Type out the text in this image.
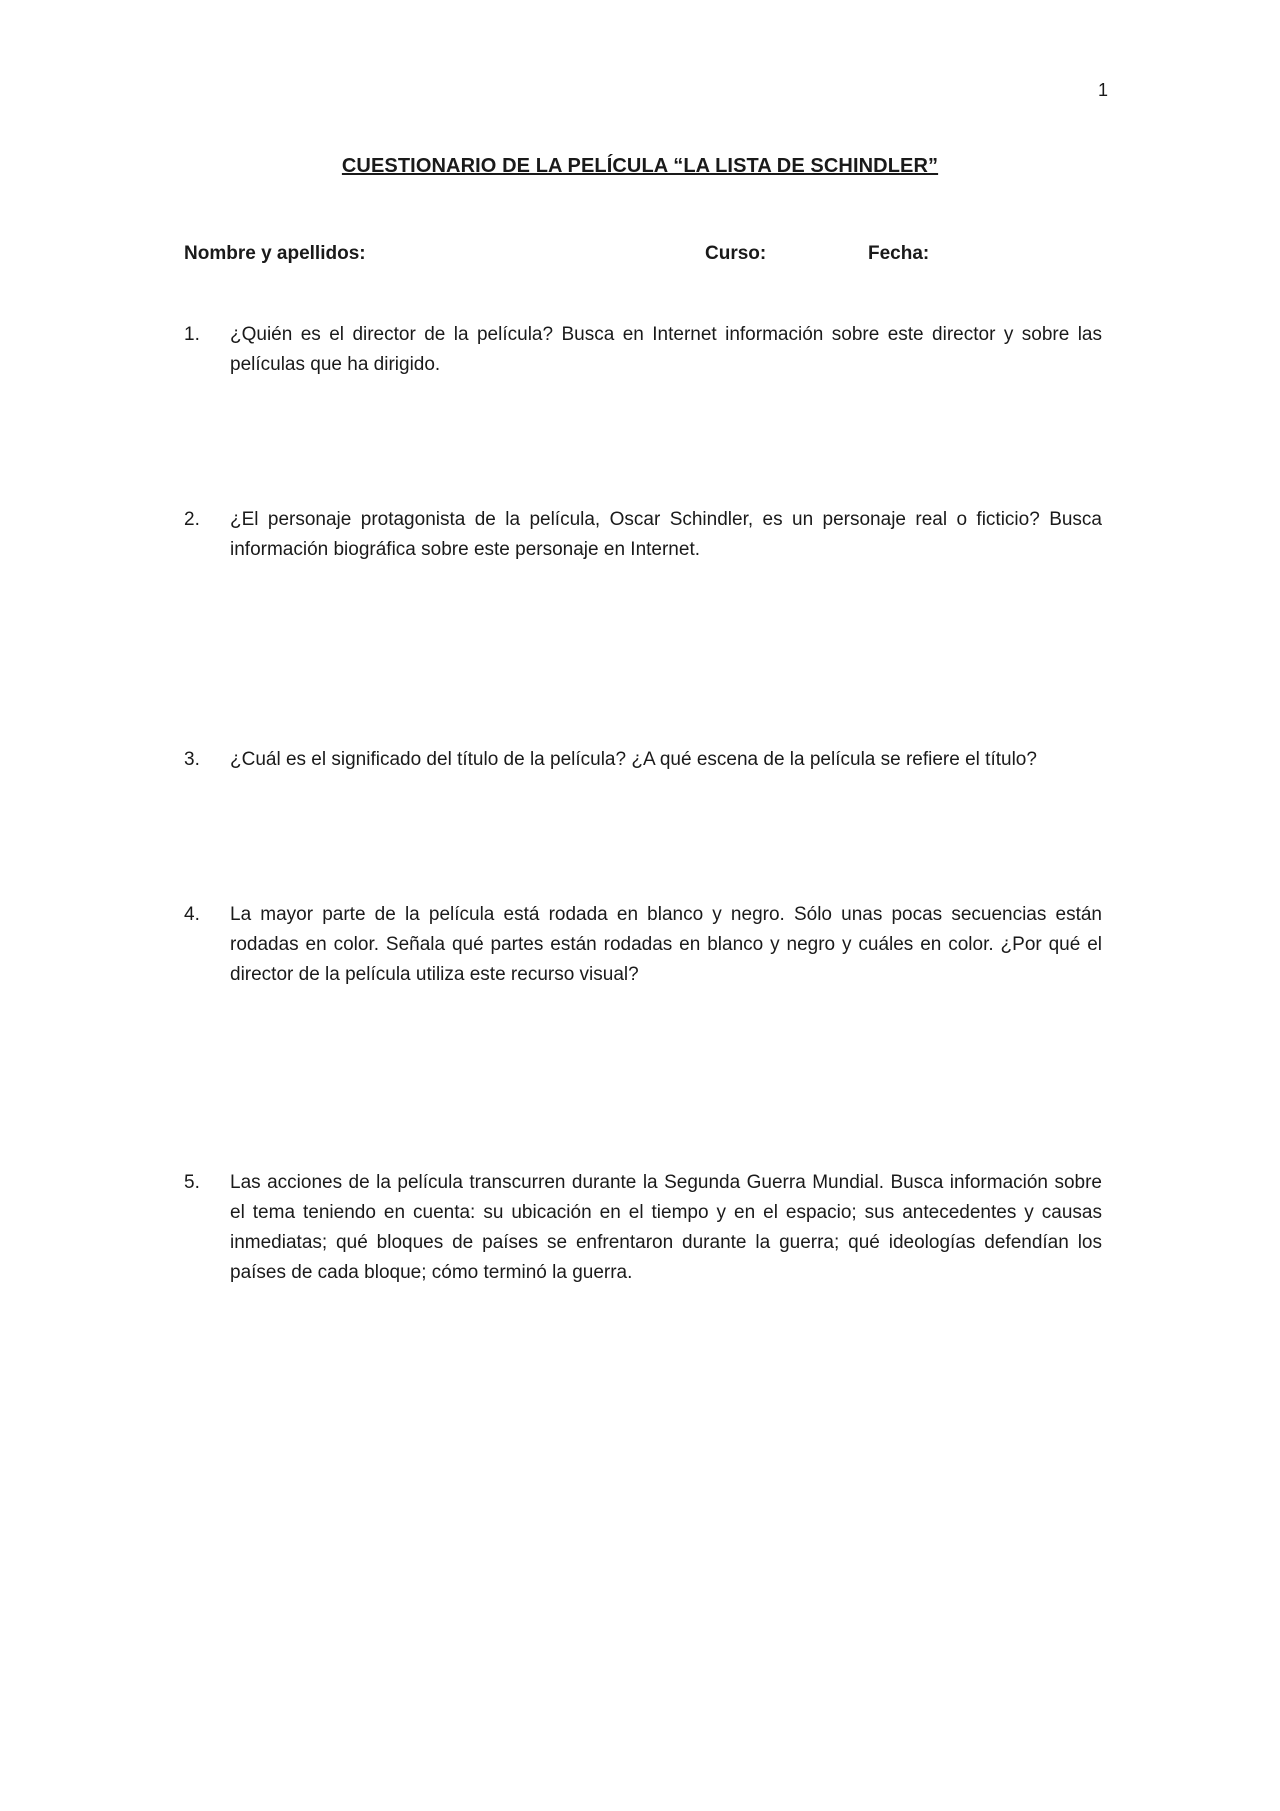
1
CUESTIONARIO DE LA PELÍCULA “LA LISTA DE SCHINDLER”
Nombre y apellidos:	Curso:	Fecha:
1.	¿Quién es el director de la película? Busca en Internet información sobre este director y sobre las películas que ha dirigido.
2.	¿El personaje protagonista de la película, Oscar Schindler, es un personaje real o ficticio? Busca información biográfica sobre este personaje en Internet.
3.	¿Cuál es el significado del título de la película? ¿A qué escena de la película se refiere el título?
4.	La mayor parte de la película está rodada en blanco y negro. Sólo unas pocas secuencias están rodadas en color. Señala qué partes están rodadas en blanco y negro y cuáles en color. ¿Por qué el director de la película utiliza este recurso visual?
5.	Las acciones de la película transcurren durante la Segunda Guerra Mundial. Busca información sobre el tema teniendo en cuenta: su ubicación en el tiempo y en el espacio; sus antecedentes y causas inmediatas; qué bloques de países se enfrentaron durante la guerra; qué ideologías defendían los países de cada bloque; cómo terminó la guerra.
